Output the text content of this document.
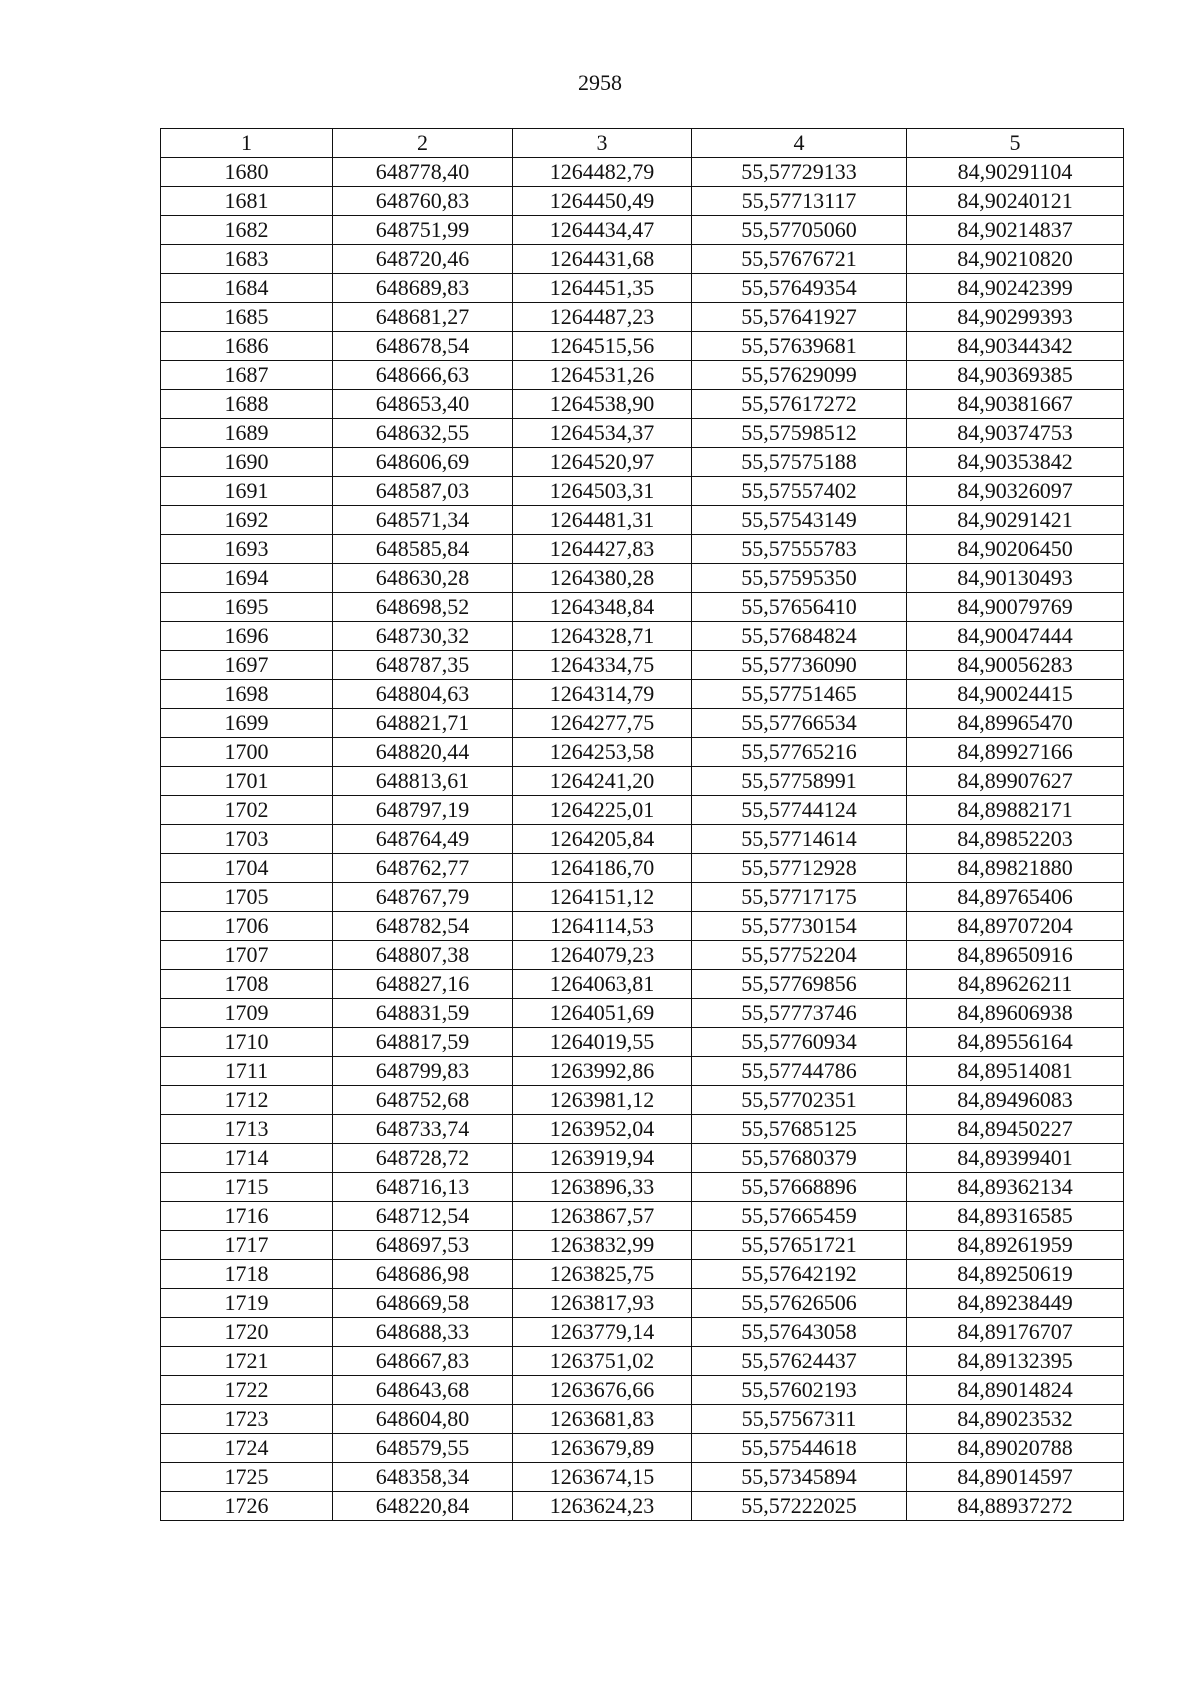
2958
1	2	3	4	5
1680	648778,40	1264482,79	55,57729133	84,90291104
1681	648760,83	1264450,49	55,57713117	84,90240121
1682	648751,99	1264434,47	55,57705060	84,90214837
1683	648720,46	1264431,68	55,57676721	84,90210820
1684	648689,83	1264451,35	55,57649354	84,90242399
1685	648681,27	1264487,23	55,57641927	84,90299393
1686	648678,54	1264515,56	55,57639681	84,90344342
1687	648666,63	1264531,26	55,57629099	84,90369385
1688	648653,40	1264538,90	55,57617272	84,90381667
1689	648632,55	1264534,37	55,57598512	84,90374753
1690	648606,69	1264520,97	55,57575188	84,90353842
1691	648587,03	1264503,31	55,57557402	84,90326097
1692	648571,34	1264481,31	55,57543149	84,90291421
1693	648585,84	1264427,83	55,57555783	84,90206450
1694	648630,28	1264380,28	55,57595350	84,90130493
1695	648698,52	1264348,84	55,57656410	84,90079769
1696	648730,32	1264328,71	55,57684824	84,90047444
1697	648787,35	1264334,75	55,57736090	84,90056283
1698	648804,63	1264314,79	55,57751465	84,90024415
1699	648821,71	1264277,75	55,57766534	84,89965470
1700	648820,44	1264253,58	55,57765216	84,89927166
1701	648813,61	1264241,20	55,57758991	84,89907627
1702	648797,19	1264225,01	55,57744124	84,89882171
1703	648764,49	1264205,84	55,57714614	84,89852203
1704	648762,77	1264186,70	55,57712928	84,89821880
1705	648767,79	1264151,12	55,57717175	84,89765406
1706	648782,54	1264114,53	55,57730154	84,89707204
1707	648807,38	1264079,23	55,57752204	84,89650916
1708	648827,16	1264063,81	55,57769856	84,89626211
1709	648831,59	1264051,69	55,57773746	84,89606938
1710	648817,59	1264019,55	55,57760934	84,89556164
1711	648799,83	1263992,86	55,57744786	84,89514081
1712	648752,68	1263981,12	55,57702351	84,89496083
1713	648733,74	1263952,04	55,57685125	84,89450227
1714	648728,72	1263919,94	55,57680379	84,89399401
1715	648716,13	1263896,33	55,57668896	84,89362134
1716	648712,54	1263867,57	55,57665459	84,89316585
1717	648697,53	1263832,99	55,57651721	84,89261959
1718	648686,98	1263825,75	55,57642192	84,89250619
1719	648669,58	1263817,93	55,57626506	84,89238449
1720	648688,33	1263779,14	55,57643058	84,89176707
1721	648667,83	1263751,02	55,57624437	84,89132395
1722	648643,68	1263676,66	55,57602193	84,89014824
1723	648604,80	1263681,83	55,57567311	84,89023532
1724	648579,55	1263679,89	55,57544618	84,89020788
1725	648358,34	1263674,15	55,57345894	84,89014597
1726	648220,84	1263624,23	55,57222025	84,88937272
